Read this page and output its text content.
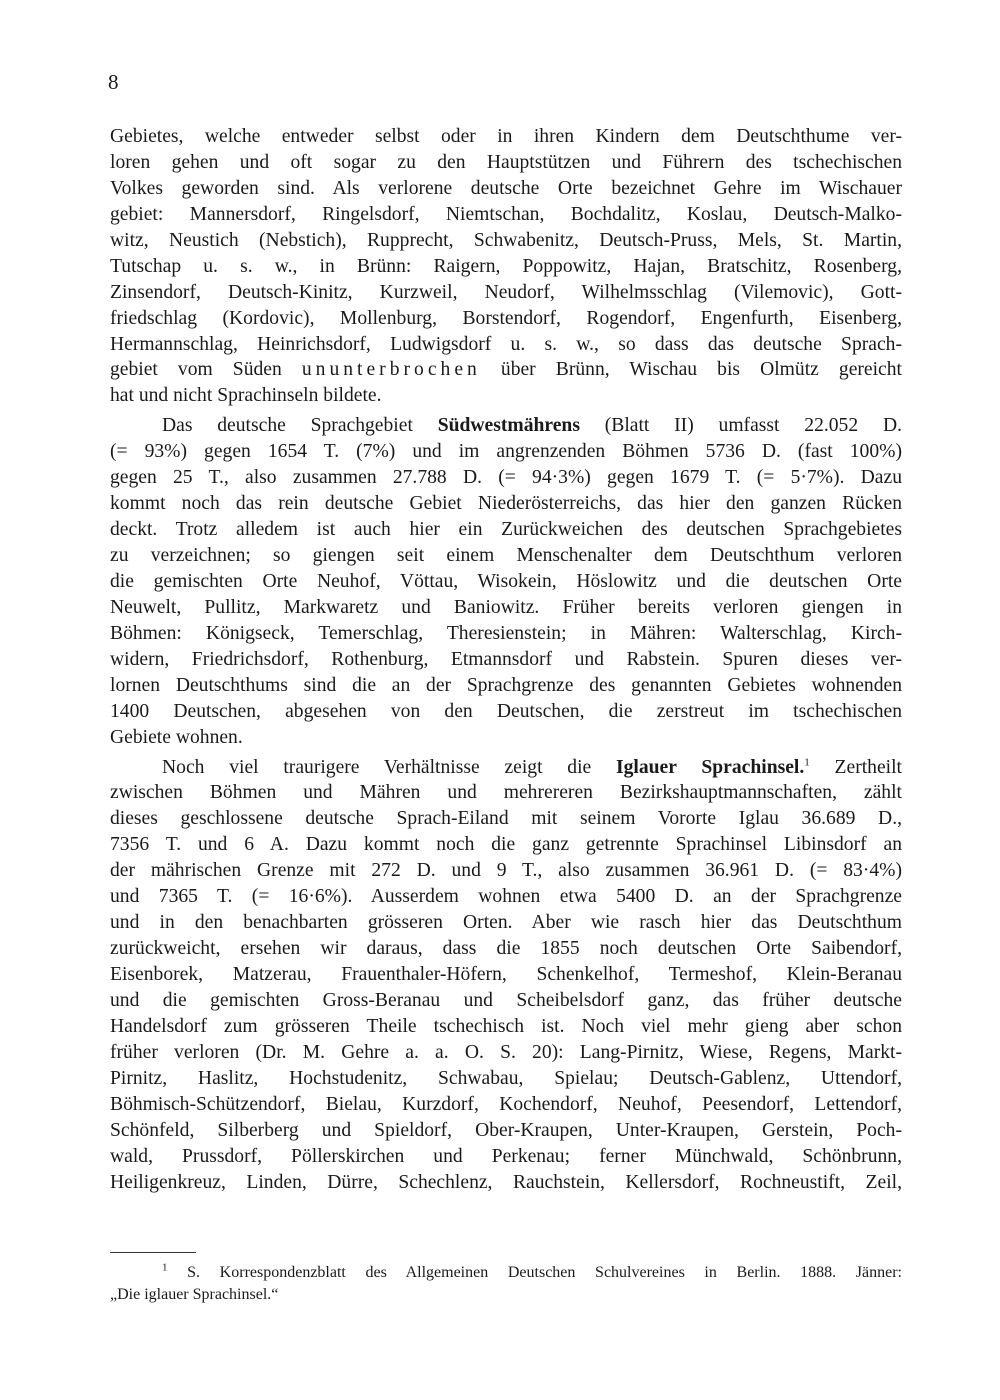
8
Gebietes, welche entweder selbst oder in ihren Kindern dem Deutschthume ver-
loren gehen und oft sogar zu den Hauptstützen und Führern des tschechischen
Volkes geworden sind. Als verlorene deutsche Orte bezeichnet Gehre im Wischauer
gebiet: Mannersdorf, Ringelsdorf, Niemtschan, Bochdalitz, Koslau, Deutsch-Malko-
witz, Neustich (Nebstich), Rupprecht, Schwabenitz, Deutsch-Pruss, Mels, St. Martin,
Tutschap u. s. w., in Brünn: Raigern, Poppowitz, Hajan, Bratschitz, Rosenberg,
Zinsendorf, Deutsch-Kinitz, Kurzweil, Neudorf, Wilhelmsschlag (Vilemovic), Gott-
friedschlag (Kordovic), Mollenburg, Borstendorf, Rogendorf, Engenfurth, Eisenberg,
Hermannschlag, Heinrichsdorf, Ludwigsdorf u. s. w., so dass das deutsche Sprach-
gebiet vom Süden ununterbrochen über Brünn, Wischau bis Olmütz gereicht
hat und nicht Sprachinseln bildete.
Das deutsche Sprachgebiet Südwestmährens (Blatt II) umfasst 22.052 D.
(= 93%) gegen 1654 T. (7%) und im angrenzenden Böhmen 5736 D. (fast 100%)
gegen 25 T., also zusammen 27.788 D. (= 94·3%) gegen 1679 T. (= 5·7%). Dazu
kommt noch das rein deutsche Gebiet Niederösterreichs, das hier den ganzen Rücken
deckt. Trotz alledem ist auch hier ein Zurückweichen des deutschen Sprachgebietes
zu verzeichnen; so giengen seit einem Menschenalter dem Deutschthum verloren
die gemischten Orte Neuhof, Vöttau, Wisokein, Höslowitz und die deutschen Orte
Neuwelt, Pullitz, Markwaretz und Baniowitz. Früher bereits verloren giengen in
Böhmen: Königseck, Temerschlag, Theresienstein; in Mähren: Walterschlag, Kirch-
widern, Friedrichsdorf, Rothenburg, Etmannsdorf und Rabstein. Spuren dieses ver-
lornen Deutschthums sind die an der Sprachgrenze des genannten Gebietes wohnenden
1400 Deutschen, abgesehen von den Deutschen, die zerstreut im tschechischen
Gebiete wohnen.
Noch viel traurigere Verhältnisse zeigt die Iglauer Sprachinsel.$^1$ Zertheilt
zwischen Böhmen und Mähren und mehrereren Bezirkshauptmannschaften, zählt
dieses geschlossene deutsche Sprach-Eiland mit seinem Vororte Iglau 36.689 D.,
7356 T. und 6 A. Dazu kommt noch die ganz getrennte Sprachinsel Libinsdorf an
der mährischen Grenze mit 272 D. und 9 T., also zusammen 36.961 D. (= 83·4%)
und 7365 T. (= 16·6%). Ausserdem wohnen etwa 5400 D. an der Sprachgrenze
und in den benachbarten grösseren Orten. Aber wie rasch hier das Deutschthum
zurückweicht, ersehen wir daraus, dass die 1855 noch deutschen Orte Saibendorf,
Eisenborek, Matzerau, Frauenthaler-Höfern, Schenkelhof, Termeshof, Klein-Beranau
und die gemischten Gross-Beranau und Scheibelsdorf ganz, das früher deutsche
Handelsdorf zum grösseren Theile tschechisch ist. Noch viel mehr gieng aber schon
früher verloren (Dr. M. Gehre a. a. O. S. 20): Lang-Pirnitz, Wiese, Regens, Markt-
Pirnitz, Haslitz, Hochstudenitz, Schwabau, Spielau; Deutsch-Gablenz, Uttendorf,
Böhmisch-Schützendorf, Bielau, Kurzdorf, Kochendorf, Neuhof, Peesendorf, Lettendorf,
Schönfeld, Silberberg und Spieldorf, Ober-Kraupen, Unter-Kraupen, Gerstein, Poch-
wald, Prussdorf, Pöllerskirchen und Perkenau; ferner Münchwald, Schönbrunn,
Heiligenkreuz, Linden, Dürre, Schechlenz, Rauchstein, Kellersdorf, Rochneustift, Zeil,
$^1$ S. Korrespondenzblatt des Allgemeinen Deutschen Schulvereines in Berlin. 1888. Jänner:
„Die iglauer Sprachinsel.“
